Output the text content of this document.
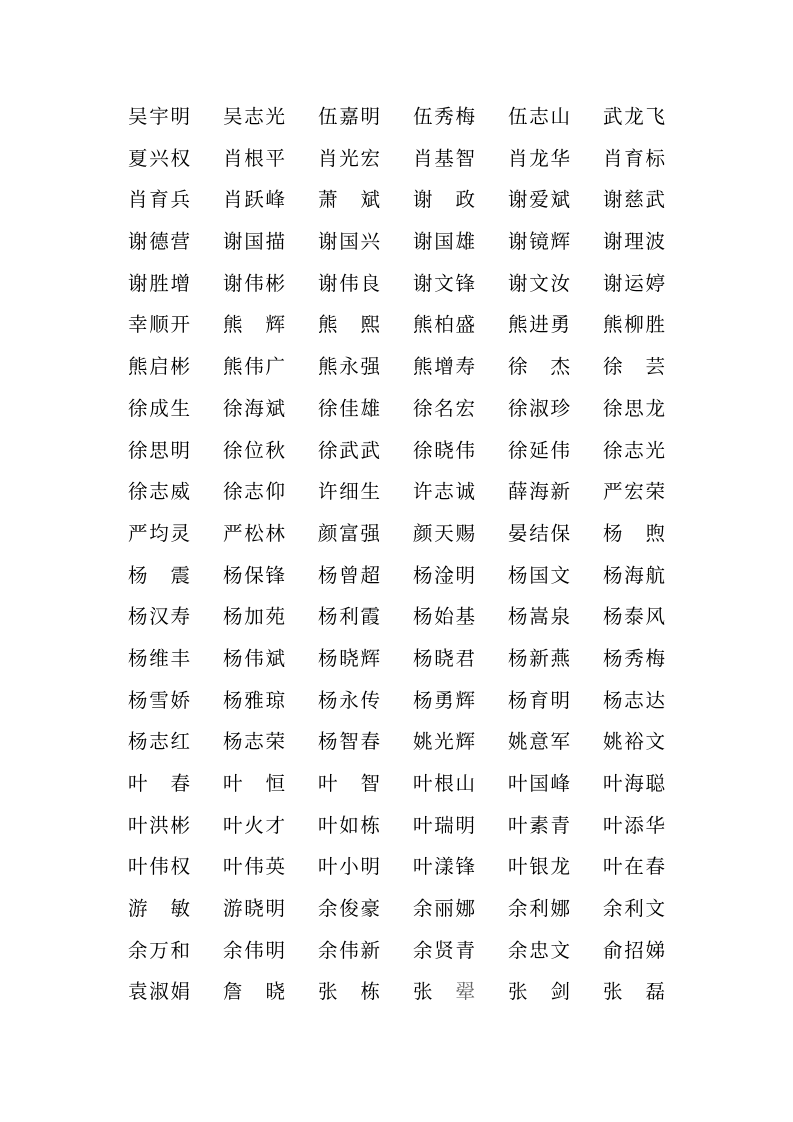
吴 宇 明 吴 志 光 伍 嘉 明 伍 秀 梅 伍 志 山 武 龙 飞
夏 兴 权 肖 根 平 肖 光 宏 肖 基 智 肖 龙 华 肖 育 标
肖 育 兵 肖 跃 峰 萧 斌 谢 政 谢 爱 斌 谢 慈 武
谢 德 营 谢 国 描 谢 国 兴 谢 国 雄 谢 镜 辉 谢 理 波
谢 胜 增 谢 伟 彬 谢 伟 良 谢 文 锋 谢 文 汝 谢 运 婷
幸 顺 开 熊 辉 熊 熙 熊 柏 盛 熊 进 勇 熊 柳 胜
熊 启 彬 熊 伟 广 熊 永 强 熊 增 寿 徐 杰 徐 芸
徐 成 生 徐 海 斌 徐 佳 雄 徐 名 宏 徐 淑 珍 徐 思 龙
徐 思 明 徐 位 秋 徐 武 武 徐 晓 伟 徐 延 伟 徐 志 光
徐 志 威 徐 志 仰 许 细 生 许 志 诚 薛 海 新 严 宏 荣
严 均 灵 严 松 林 颜 富 强 颜 天 赐 晏 结 保 杨 煦
杨 震 杨 保 锋 杨 曾 超 杨 淦 明 杨 国 文 杨 海 航
杨 汉 寿 杨 加 苑 杨 利 霞 杨 始 基 杨 嵩 泉 杨 泰 风
杨 维 丰 杨 伟 斌 杨 晓 辉 杨 晓 君 杨 新 燕 杨 秀 梅
杨 雪 娇 杨 雅 琼 杨 永 传 杨 勇 辉 杨 育 明 杨 志 达
杨 志 红 杨 志 荣 杨 智 春 姚 光 辉 姚 意 军 姚 裕 文
叶 春 叶 恒 叶 智 叶 根 山 叶 国 峰 叶 海 聪
叶 洪 彬 叶 火 才 叶 如 栋 叶 瑞 明 叶 素 青 叶 添 华
叶 伟 权 叶 伟 英 叶 小 明 叶 漾 锋 叶 银 龙 叶 在 春
游 敏 游 晓 明 余 俊 豪 余 丽 娜 余 利 娜 余 利 文
余 万 和 余 伟 明 余 伟 新 余 贤 青 余 忠 文 俞 招 娣
袁 淑 娟 詹 晓 张 栋 张 翚 张 剑 张 磊
